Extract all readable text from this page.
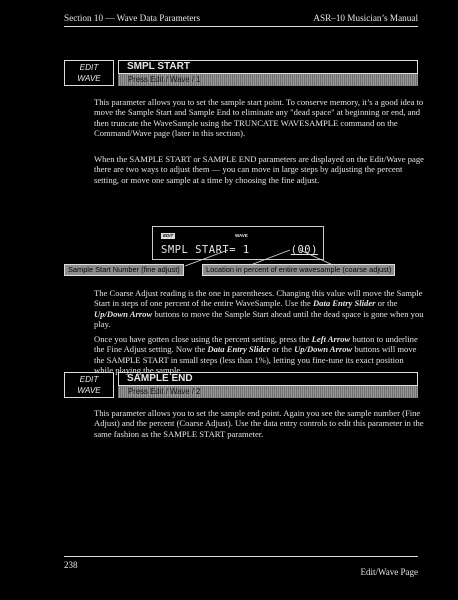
Section 10 — Wave Data Parameters	ASR–10 Musician’s Manual
EDIT
WAVE
SMPL START
Press Edit / Wave / 1

This parameter allows you to set the sample start point. To conserve memory, it’s a good idea to move the Sample Start and Sample End to eliminate any "dead space" at beginning or end, and then truncate the WaveSample using the TRUNCATE WAVESAMPLE command on the Command/Wave page (later in this section).

When the SAMPLE START or SAMPLE END parameters are displayed on the Edit/Wave page there are two ways to adjust them — you can move in large steps by adjusting the percent setting, or move one sample at a time by choosing the fine adjust.

EDIT	WAVE
SMPL START= 1	(00)
Sample Start Number (fine adjust)	Location in percent of entire wavesample (coarse adjust)

The Coarse Adjust reading is the one in parentheses. Changing this value will move the Sample Start in steps of one percent of the entire WaveSample. Use the Data Entry Slider or the Up/Down Arrow buttons to move the Sample Start ahead until the dead space is gone when you play.

Once you have gotten close using the percent setting, press the Left Arrow button to underline the Fine Adjust setting. Now the Data Entry Slider or the Up/Down Arrow buttons will move the SAMPLE START in small steps (less than 1%), letting you fine-tune its exact position while playing the sample.

EDIT
WAVE
SAMPLE END
Press Edit / Wave / 2

This parameter allows you to set the sample end point. Again you see the sample number (Fine Adjust) and the percent (Coarse Adjust). Use the data entry controls to edit this parameter in the same fashion as the SAMPLE START parameter.

238
Edit/Wave Page
